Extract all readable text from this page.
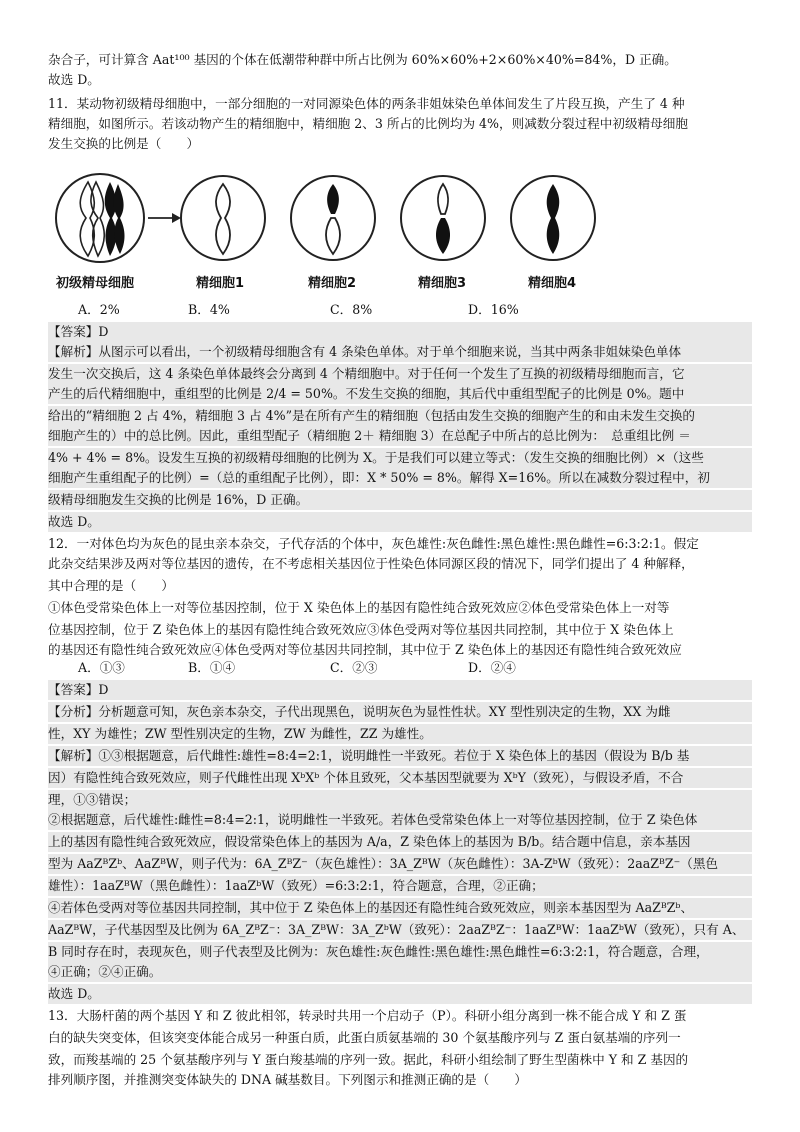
杂合子，可计算含 Aat¹⁰⁰ 基因的个体在低潮带种群中所占比例为 60%×60%+2×60%×40%=84%，D 正确。
故选 D。
11．某动物初级精母细胞中，一部分细胞的一对同源染色体的两条非姐妹染色单体间发生了片段互换，产生了 4 种
精细胞，如图所示。若该动物产生的精细胞中，精细胞 2、3 所占的比例均为 4%，则减数分裂过程中初级精母细胞
发生交换的比例是（　　）
【答案】D
【解析】从图示可以看出，一个初级精母细胞含有 4 条染色单体。对于单个细胞来说，当其中两条非姐妹染色单体
发生一次交换后，这 4 条染色单体最终会分离到 4 个精细胞中。对于任何一个发生了互换的初级精母细胞而言，它
产生的后代精细胞中，重组型的比例是 2/4 = 50%。不发生交换的细胞，其后代中重组型配子的比例是 0%。题中
给出的“精细胞 2 占 4%，精细胞 3 占 4%”是在所有产生的精细胞（包括由发生交换的细胞产生的和由未发生交换的
细胞产生的）中的总比例。因此，重组型配子（精细胞 2＋ 精细胞 3）在总配子中所占的总比例为：　总重组比例 ＝
4% + 4% = 8%。设发生互换的初级精母细胞的比例为 X。于是我们可以建立等式：（发生交换的细胞比例）×（这些
细胞产生重组配子的比例）=（总的重组配子比例），即：X * 50% = 8%。解得 X=16%。所以在减数分裂过程中，初
级精母细胞发生交换的比例是 16%，D 正确。
故选 D。
12．一对体色均为灰色的昆虫亲本杂交，子代存活的个体中，灰色雄性:灰色雌性:黑色雄性:黑色雌性=6:3:2:1。假定
此杂交结果涉及两对等位基因的遗传，在不考虑相关基因位于性染色体同源区段的情况下，同学们提出了 4 种解释，
其中合理的是（　　）
①体色受常染色体上一对等位基因控制，位于 X 染色体上的基因有隐性纯合致死效应②体色受常染色体上一对等
位基因控制，位于 Z 染色体上的基因有隐性纯合致死效应③体色受两对等位基因共同控制，其中位于 X 染色体上
的基因还有隐性纯合致死效应④体色受两对等位基因共同控制，其中位于 Z 染色体上的基因还有隐性纯合致死效应
【答案】D
【分析】分析题意可知，灰色亲本杂交，子代出现黑色，说明灰色为显性性状。XY 型性别决定的生物，XX 为雌
性，XY 为雄性；ZW 型性别决定的生物，ZW 为雌性，ZZ 为雄性。
【解析】①③根据题意，后代雌性:雄性=8:4=2:1，说明雌性一半致死。若位于 X 染色体上的基因（假设为 B/b 基
因）有隐性纯合致死效应，则子代雌性出现 XᵇXᵇ 个体且致死，父本基因型就要为 XᵇY（致死），与假设矛盾，不合
理，①③错误；
②根据题意，后代雄性:雌性=8:4=2:1，说明雌性一半致死。若体色受常染色体上一对等位基因控制，位于 Z 染色体
上的基因有隐性纯合致死效应，假设常染色体上的基因为 A/a，Z 染色体上的基因为 B/b。结合题中信息，亲本基因
型为 AaZᴮZᵇ、AaZᴮW，则子代为：6A_ZᴮZ⁻（灰色雄性）：3A_ZᴮW（灰色雌性）：3A-ZᵇW（致死）：2aaZᴮZ⁻（黑色
雄性）：1aaZᴮW（黑色雌性）：1aaZᵇW（致死）=6:3:2:1，符合题意，合理，②正确；
④若体色受两对等位基因共同控制，其中位于 Z 染色体上的基因还有隐性纯合致死效应，则亲本基因型为 AaZᴮZᵇ、
AaZᴮW，子代基因型及比例为 6A_ZᴮZ⁻：3A_ZᴮW：3A_ZᵇW（致死）：2aaZᴮZ⁻：1aaZᴮW：1aaZᵇW（致死），只有 A、
B 同时存在时，表现灰色，则子代表型及比例为：灰色雄性:灰色雌性:黑色雄性:黑色雌性=6:3:2:1，符合题意，合理，
④正确；②④正确。
故选 D。
13．大肠杆菌的两个基因 Y 和 Z 彼此相邻，转录时共用一个启动子（P）。科研小组分离到一株不能合成 Y 和 Z 蛋
白的缺失突变体，但该突变体能合成另一种蛋白质，此蛋白质氨基端的 30 个氨基酸序列与 Z 蛋白氨基端的序列一
致，而羧基端的 25 个氨基酸序列与 Y 蛋白羧基端的序列一致。据此，科研小组绘制了野生型菌株中 Y 和 Z 基因的
排列顺序图，并推测突变体缺失的 DNA 碱基数目。下列图示和推测正确的是（　　）
初级精母细胞	精细胞1	精细胞2	精细胞3	精细胞4
A．2%	B．4%	C．8%	D．16%
A．①③	B．①④	C．②③	D．②④
